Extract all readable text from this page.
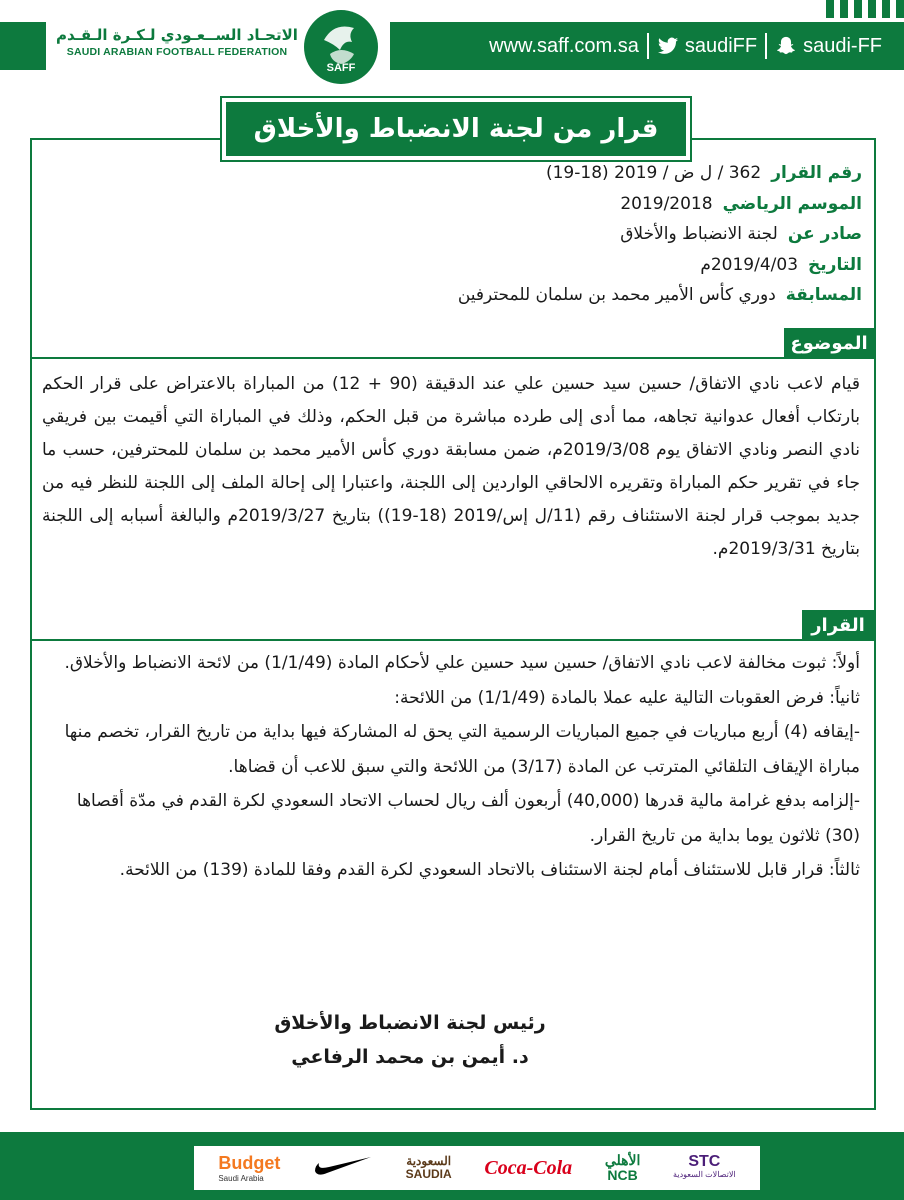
الاتحـاد الســعـودي لـكـرة الـقـدم
SAUDI ARABIAN FOOTBALL FEDERATION
SAFF
www.saff.com.sa saudiFF saudi-FF
قرار من لجنة الانضباط والأخلاق
رقم القرار
362 / ل ض / 2019 (18-19)
الموسم الرياضي
2019/2018
صادر عن
لجنة الانضباط والأخلاق
التاريخ
2019/4/03م
المسابقة
دوري كأس الأمير محمد بن سلمان للمحترفين
الموضوع
قيام لاعب نادي الاتفاق/ حسين سيد حسين علي عند الدقيقة (90 + 12) من المباراة بالاعتراض على قرار الحكم بارتكاب أفعال عدوانية تجاهه، مما أدى إلى طرده مباشرة من قبل الحكم، وذلك في المباراة التي أقيمت بين فريقي نادي النصر ونادي الاتفاق يوم 2019/3/08م، ضمن مسابقة دوري كأس الأمير محمد بن سلمان للمحترفين، حسب ما جاء في تقرير حكم المباراة وتقريره الالحاقي الواردين إلى اللجنة، واعتبارا إلى إحالة الملف إلى اللجنة للنظر فيه من جديد بموجب قرار لجنة الاستئناف رقم (11/ل إس/2019 (18-19)) بتاريخ 2019/3/27م والبالغة أسبابه إلى اللجنة بتاريخ 2019/3/31م.
القرار

أولاً: ثبوت مخالفة لاعب نادي الاتفاق/ حسين سيد حسين علي لأحكام المادة (1/1/49) من لائحة الانضباط والأخلاق.

ثانياً: فرض العقوبات التالية عليه عملا بالمادة (1/1/49) من اللائحة:

-إيقافه (4) أربع مباريات في جميع المباريات الرسمية التي يحق له المشاركة فيها بداية من تاريخ القرار، تخصم منها مباراة الإيقاف التلقائي المترتب عن المادة (3/17) من اللائحة والتي سبق للاعب أن قضاها.

-إلزامه بدفع غرامة مالية قدرها (40,000) أربعون ألف ريال لحساب الاتحاد السعودي لكرة القدم في مدّة أقصاها (30) ثلاثون يوما بداية من تاريخ القرار.

ثالثاً: قرار قابل للاستئناف أمام لجنة الاستئناف بالاتحاد السعودي لكرة القدم وفقا للمادة (139) من اللائحة.

رئيس لجنة الانضباط والأخلاق
د. أيمن بن محمد الرفاعي
Budget
Saudi Arabia
السعودية
SAUDIA Coca-Cola الأهلي
NCB
STC
الاتصالات السعودية
